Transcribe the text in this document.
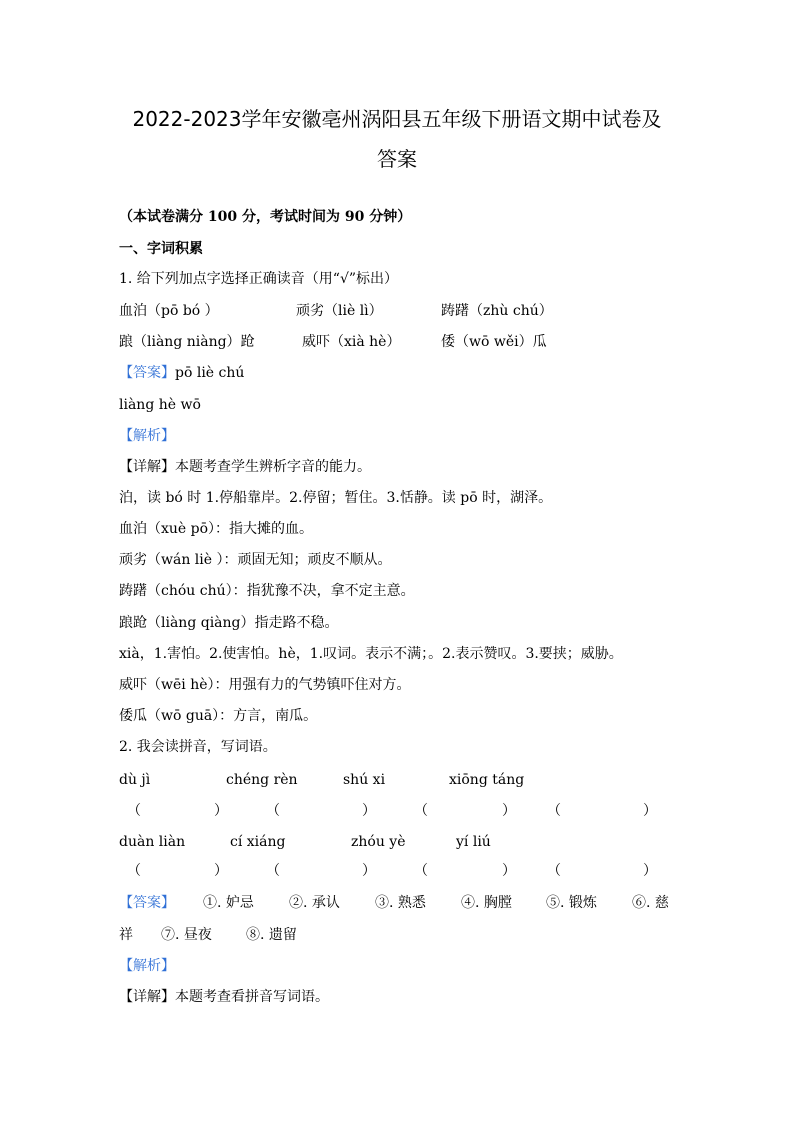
2022-2023学年安徽亳州涡阳县五年级下册语文期中试卷及
答案
（本试卷满分 100 分，考试时间为 90 分钟）
一、字词积累
1. 给下列加点字选择正确读音（用“√”标出）
血泊（pō bó ）	顽劣（liè lì）	踌躇（zhù chú）
踉（liàng niàng）跄	威吓（xià hè）	倭（wō wěi）瓜
【答案】pō liè chú
liàng hè wō
【解析】
【详解】本题考查学生辨析字音的能力。
泊，读 bó 时 1.停船靠岸。2.停留；暂住。3.恬静。读 pō 时，湖泽。
血泊（xuè pō）：指大摊的血。
顽劣（wán liè ）：顽固无知；顽皮不顺从。
踌躇（chóu chú）：指犹豫不决，拿不定主意。
踉跄（liàng qiàng）指走路不稳。
xià，1.害怕。2.使害怕。hè，1.叹词。表示不满；。2.表示赞叹。3.要挟；威胁。
威吓（wēi hè）：用强有力的气势镇吓住对方。
倭瓜（wō guā）：方言，南瓜。
2. 我会读拼音，写词语。
dù jì	chéng rèn	shú xi	xiōng táng
（	）	（	）	（	） （	）
duàn liàn	cí xiáng	zhóu yè	yí liú
（	）	（	）	（	） （	）
【答案】 ①. 妒忌	②. 承认	③. 熟悉	④. 胸膛 ⑤. 锻炼	⑥. 慈
祥 ⑦. 昼夜 ⑧. 遗留
【解析】
【详解】本题考查看拼音写词语。
